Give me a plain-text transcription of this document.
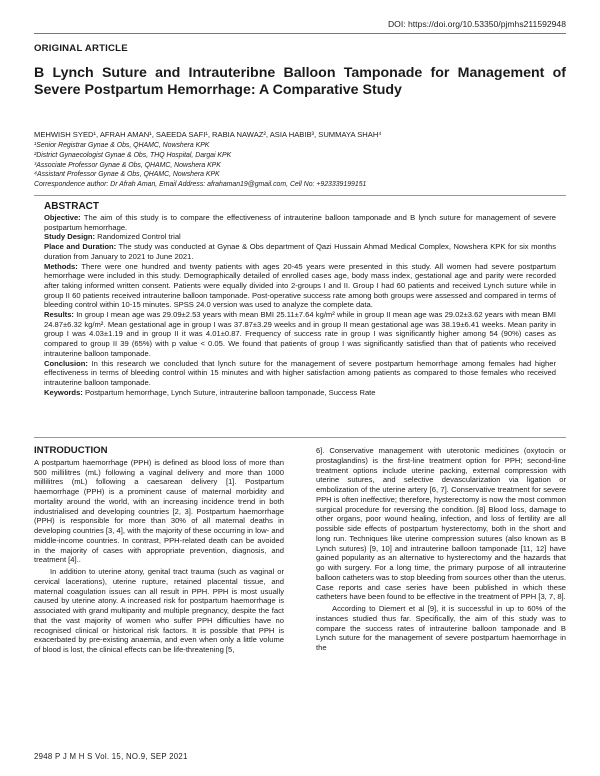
DOI: https://doi.org/10.53350/pjmhs211592948
ORIGINAL ARTICLE
B Lynch Suture and Intrauteribne Balloon Tamponade for Management of Severe Postpartum Hemorrhage: A Comparative Study
MEHWISH SYED¹, AFRAH AMAN¹, SAEEDA SAFI¹, RABIA NAWAZ², ASIA HABIB³, SUMMAYA SHAH⁴
¹Senior Registrar Gynae & Obs, QHAMC, Nowshera KPK
²District Gynaecologist Gynae & Obs, THQ Hospital, Dargai KPK
³Associate Professor Gynae & Obs, QHAMC, Nowshera KPK
⁴Assistant Professor Gynae & Obs, QHAMC, Nowshera KPK
Correspondence author: Dr Afrah Aman, Email Address: afrahaman19@gmail.com, Cell No: +923339199151
ABSTRACT

Objective: The aim of this study is to compare the effectiveness of intrauterine balloon tamponade and B lynch suture for management of severe postpartum hemorrhage.

Study Design: Randomized Control trial

Place and Duration: The study was conducted at Gynae & Obs department of Qazi Hussain Ahmad Medical Complex, Nowshera KPK for six months duration from January to 2021 to June 2021.

Methods: There were one hundred and twenty patients with ages 20-45 years were presented in this study. All women had severe postpartum hemorrhage were included in this study. Demographically detailed of enrolled cases age, body mass index, gestational age and parity were recorded after taking informed written consent. Patients were equally divided into 2-groups I and II. Group I had 60 patients and received Lynch suture while in group II 60 patients received intrauterine balloon tamponade. Post-operative success rate among both groups were assessed and compared in terms of bleeding control within 10-15 minutes. SPSS 24.0 version was used to analyze the complete data.

Results: In group I mean age was 29.09±2.53 years with mean BMI 25.11±7.64 kg/m² while in group II mean age was 29.02±3.62 years with mean BMI 24.87±6.32 kg/m². Mean gestational age in group I was 37.87±3.29 weeks and in group II mean gestational age was 38.19±6.41 weeks. Mean parity in group I was 4.03±1.19 and in group II it was 4.01±0.87. Frequency of success rate in group I was significantly higher among 54 (90%) cases as compared to group II 39 (65%) with p value < 0.05. We found that patients of group I was significantly satisfied than that of patients who received intrauterine balloon tamponade.

Conclusion: In this research we concluded that lynch suture for the management of severe postpartum hemorrhage among females had higher effectiveness in terms of bleeding control within 15 minutes and with higher satisfaction among patients as compared to those females who received intrauterine balloon tamponade.

Keywords: Postpartum hemorrhage, Lynch Suture, intrauterine balloon tamponade, Success Rate

INTRODUCTION

A postpartum haemorrhage (PPH) is defined as blood loss of more than 500 millilitres (mL) following a vaginal delivery and more than 1000 millilitres (mL) following a caesarean delivery [1]. Postpartum haemorrhage (PPH) is a prominent cause of maternal morbidity and mortality around the world, with an increasing incidence trend in both industrialised and developing countries [2, 3]. Postpartum haemorrhage (PPH) is responsible for more than 30% of all maternal deaths in developing countries [3, 4], with the majority of these occurring in low- and middle-income countries. In contrast, PPH-related death can be avoided in the majority of cases with appropriate prevention, diagnosis, and treatment [4]..

In addition to uterine atony, genital tract trauma (such as vaginal or cervical lacerations), uterine rupture, retained placental tissue, and maternal coagulation issues can all result in PPH. PPH is most usually caused by uterine atony. A increased risk for postpartum haemorrhage is associated with grand multiparity and multiple pregnancy, despite the fact that the vast majority of women who suffer PPH difficulties have no recognised clinical or historical risk factors. It is possible that PPH is exacerbated by pre-existing anaemia, and even when only a little volume of blood is lost, the clinical effects can be life-threatening [5,

6]. Conservative management with uterotonic medicines (oxytocin or prostaglandins) is the first-line treatment option for PPH; second-line treatment options include uterine packing, external compression with uterine sutures, and selective devascularization via ligation or embolization of the uterine artery [6, 7]. Conservative treatment for severe PPH is often ineffective; therefore, hysterectomy is now the most common surgical procedure for reversing the condition. [8] Blood loss, damage to other organs, poor wound healing, infection, and loss of fertility are all possible side effects of postpartum hysterectomy, both in the short and long run. Techniques like uterine compression sutures (also known as B Lynch sutures) [9, 10] and intrauterine balloon tamponade [11, 12] have gained popularity as an alternative to hysterectomy and the hazards that go with surgery. For a long time, the primary purpose of all intrauterine balloon catheters was to stop bleeding from sources other than the uterus. Case reports and case series have been published in which these catheters have been found to be effective in the treatment of PPH [3, 7, 8].

According to Diemert et al [9], it is successful in up to 60% of the instances studied thus far. Specifically, the aim of this study was to compare the success rates of intrauterine balloon tamponade and B Lynch suture for the management of severe postpartum haemorrhage in the

2948 P J M H S Vol. 15, NO.9, SEP 2021
